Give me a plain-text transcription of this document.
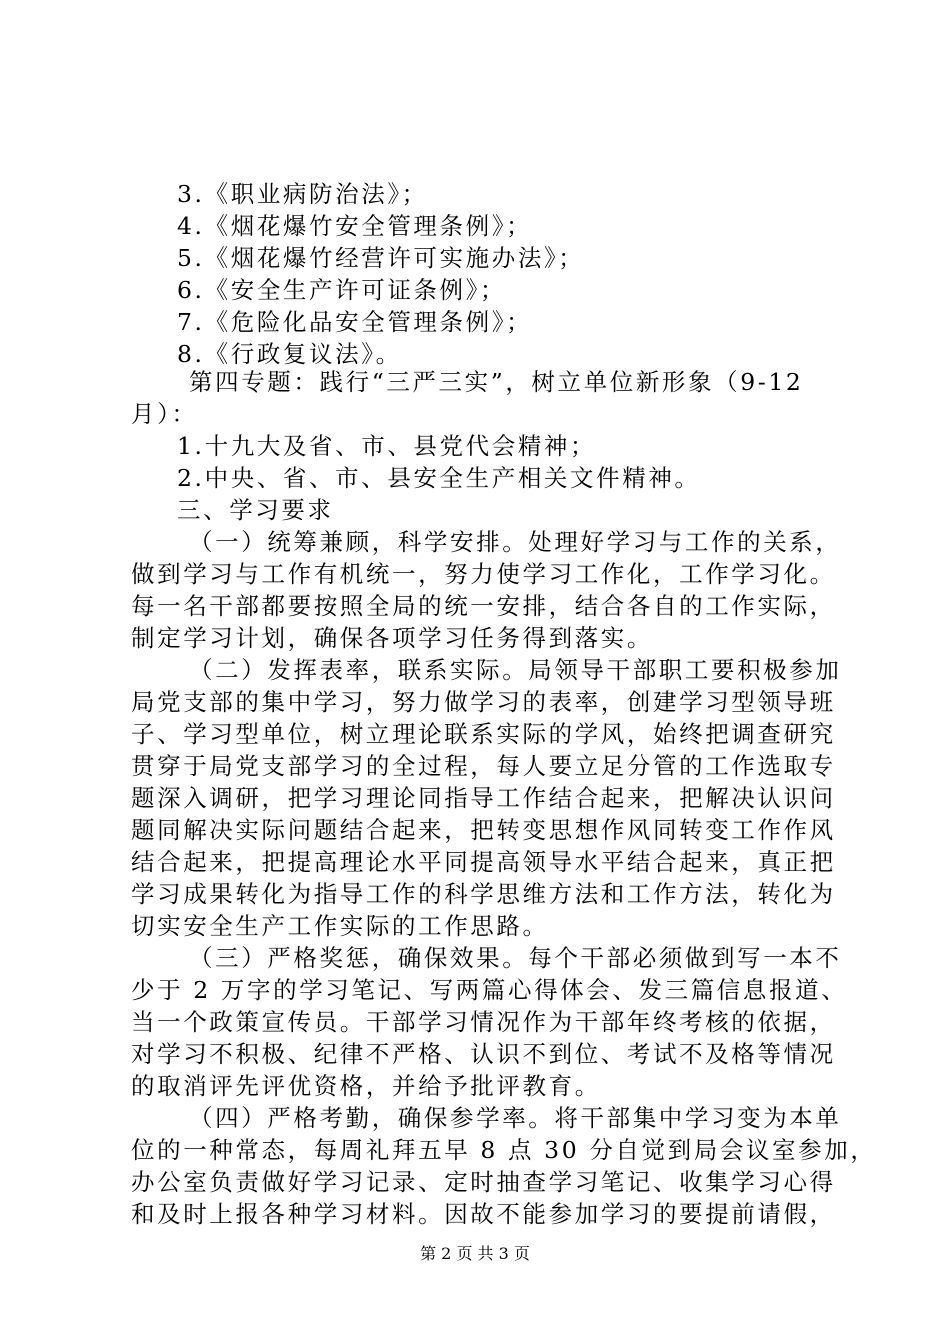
3.《职业病防治法》；
4.《烟花爆竹安全管理条例》；
5.《烟花爆竹经营许可实施办法》；
6.《安全生产许可证条例》；
7.《危险化品安全管理条例》；
8.《行政复议法》。
第四专题：践行“三严三实”，树立单位新形象（9-12
月）：
1.十九大及省、市、县党代会精神；
2.中央、省、市、县安全生产相关文件精神。
三、学习要求
（一）统筹兼顾，科学安排。处理好学习与工作的关系，
做到学习与工作有机统一，努力使学习工作化，工作学习化。
每一名干部都要按照全局的统一安排，结合各自的工作实际，
制定学习计划，确保各项学习任务得到落实。
（二）发挥表率，联系实际。局领导干部职工要积极参加
局党支部的集中学习，努力做学习的表率，创建学习型领导班
子、学习型单位，树立理论联系实际的学风，始终把调查研究
贯穿于局党支部学习的全过程，每人要立足分管的工作选取专
题深入调研，把学习理论同指导工作结合起来，把解决认识问
题同解决实际问题结合起来，把转变思想作风同转变工作作风
结合起来，把提高理论水平同提高领导水平结合起来，真正把
学习成果转化为指导工作的科学思维方法和工作方法，转化为
切实安全生产工作实际的工作思路。
（三）严格奖惩，确保效果。每个干部必须做到写一本不
少于 2 万字的学习笔记、写两篇心得体会、发三篇信息报道、
当一个政策宣传员。干部学习情况作为干部年终考核的依据，
对学习不积极、纪律不严格、认识不到位、考试不及格等情况
的取消评先评优资格，并给予批评教育。
（四）严格考勤，确保参学率。将干部集中学习变为本单
位的一种常态，每周礼拜五早 8 点 30 分自觉到局会议室参加，
办公室负责做好学习记录、定时抽查学习笔记、收集学习心得
和及时上报各种学习材料。因故不能参加学习的要提前请假，
第 2 页 共 3 页
